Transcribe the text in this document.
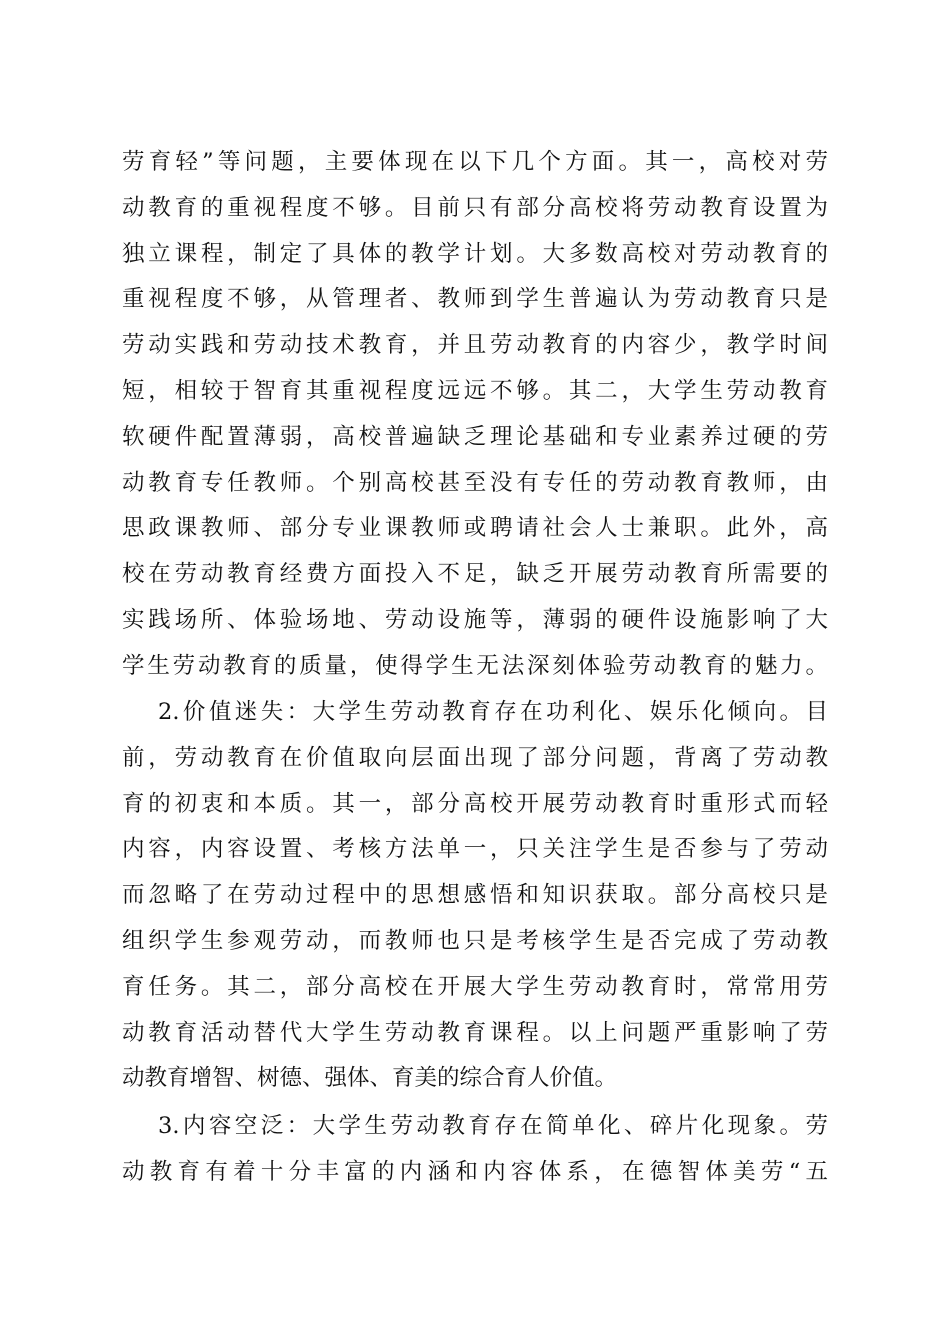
劳育轻”等问题，主要体现在以下几个方面。其一，高校对劳
动教育的重视程度不够。目前只有部分高校将劳动教育设置为
独立课程，制定了具体的教学计划。大多数高校对劳动教育的
重视程度不够，从管理者、教师到学生普遍认为劳动教育只是
劳动实践和劳动技术教育，并且劳动教育的内容少，教学时间
短，相较于智育其重视程度远远不够。其二，大学生劳动教育
软硬件配置薄弱，高校普遍缺乏理论基础和专业素养过硬的劳
动教育专任教师。个别高校甚至没有专任的劳动教育教师，由
思政课教师、部分专业课教师或聘请社会人士兼职。此外，高
校在劳动教育经费方面投入不足，缺乏开展劳动教育所需要的
实践场所、体验场地、劳动设施等，薄弱的硬件设施影响了大
学生劳动教育的质量，使得学生无法深刻体验劳动教育的魅力。
2.价值迷失：大学生劳动教育存在功利化、娱乐化倾向。目
前，劳动教育在价值取向层面出现了部分问题，背离了劳动教
育的初衷和本质。其一，部分高校开展劳动教育时重形式而轻
内容，内容设置、考核方法单一，只关注学生是否参与了劳动
而忽略了在劳动过程中的思想感悟和知识获取。部分高校只是
组织学生参观劳动，而教师也只是考核学生是否完成了劳动教
育任务。其二，部分高校在开展大学生劳动教育时，常常用劳
动教育活动替代大学生劳动教育课程。以上问题严重影响了劳
动教育增智、树德、强体、育美的综合育人价值。
3.内容空泛：大学生劳动教育存在简单化、碎片化现象。劳
动教育有着十分丰富的内涵和内容体系，在德智体美劳“五
